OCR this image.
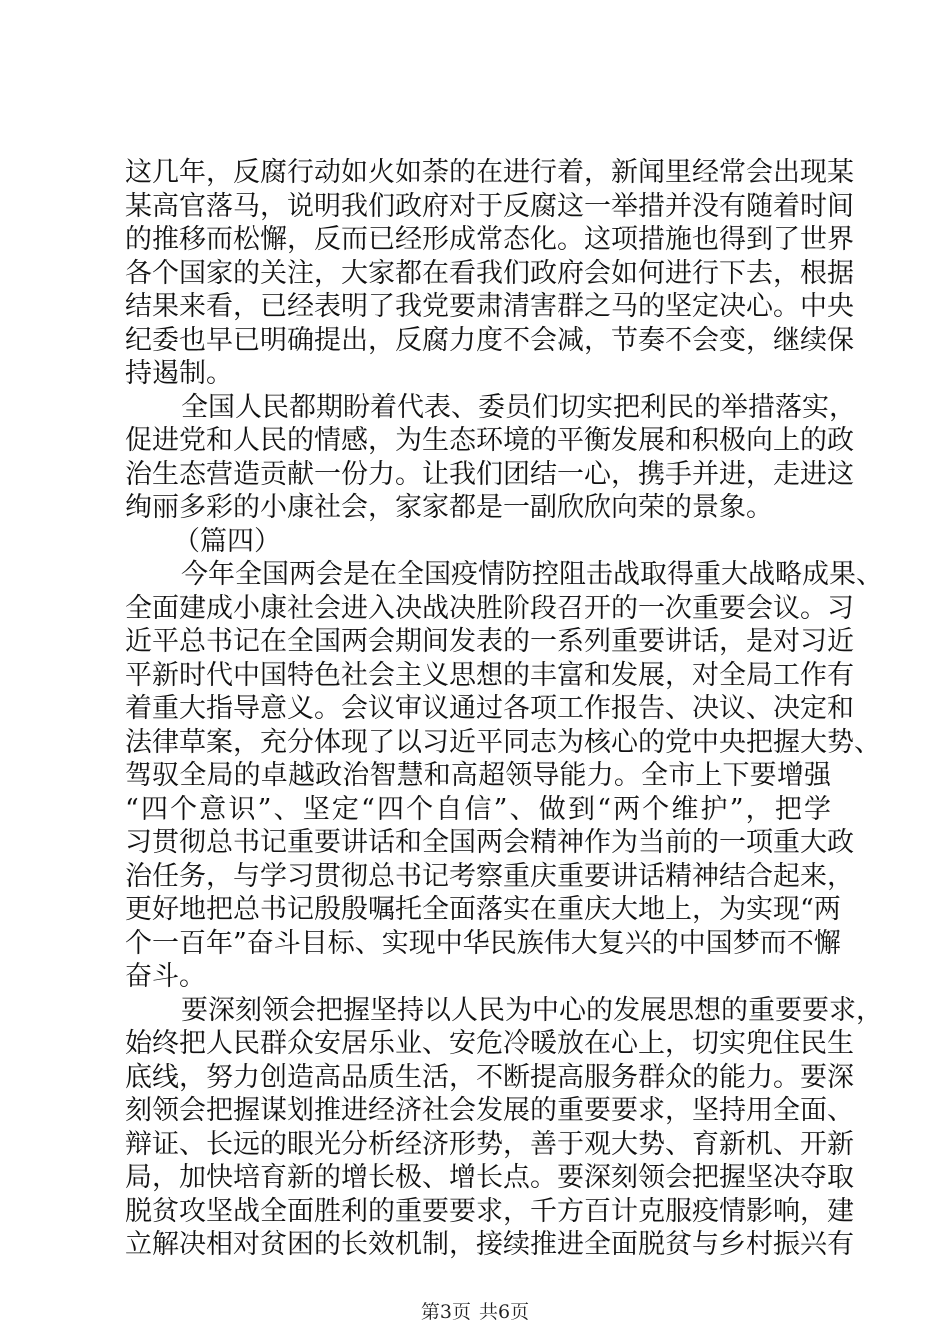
这几年，反腐行动如火如荼的在进行着，新闻里经常会出现某
某高官落马，说明我们政府对于反腐这一举措并没有随着时间
的推移而松懈，反而已经形成常态化。这项措施也得到了世界
各个国家的关注，大家都在看我们政府会如何进行下去，根据
结果来看，已经表明了我党要肃清害群之马的坚定决心。中央
纪委也早已明确提出，反腐力度不会减，节奏不会变，继续保
持遏制。
全国人民都期盼着代表、委员们切实把利民的举措落实，
促进党和人民的情感，为生态环境的平衡发展和积极向上的政
治生态营造贡献一份力。让我们团结一心，携手并进，走进这
绚丽多彩的小康社会，家家都是一副欣欣向荣的景象。
（篇四）
今年全国两会是在全国疫情防控阻击战取得重大战略成果、
全面建成小康社会进入决战决胜阶段召开的一次重要会议。习
近平总书记在全国两会期间发表的一系列重要讲话，是对习近
平新时代中国特色社会主义思想的丰富和发展，对全局工作有
着重大指导意义。会议审议通过各项工作报告、决议、决定和
法律草案，充分体现了以习近平同志为核心的党中央把握大势、
驾驭全局的卓越政治智慧和高超领导能力。全市上下要增强
“四个意识”、坚定“四个自信”、做到“两个维护”，把学
习贯彻总书记重要讲话和全国两会精神作为当前的一项重大政
治任务，与学习贯彻总书记考察重庆重要讲话精神结合起来，
更好地把总书记殷殷嘱托全面落实在重庆大地上，为实现“两
个一百年”奋斗目标、实现中华民族伟大复兴的中国梦而不懈
奋斗。
要深刻领会把握坚持以人民为中心的发展思想的重要要求，
始终把人民群众安居乐业、安危冷暖放在心上，切实兜住民生
底线，努力创造高品质生活，不断提高服务群众的能力。要深
刻领会把握谋划推进经济社会发展的重要要求，坚持用全面、
辩证、长远的眼光分析经济形势，善于观大势、育新机、开新
局，加快培育新的增长极、增长点。要深刻领会把握坚决夺取
脱贫攻坚战全面胜利的重要要求，千方百计克服疫情影响，建
立解决相对贫困的长效机制，接续推进全面脱贫与乡村振兴有
第3页 共6页
